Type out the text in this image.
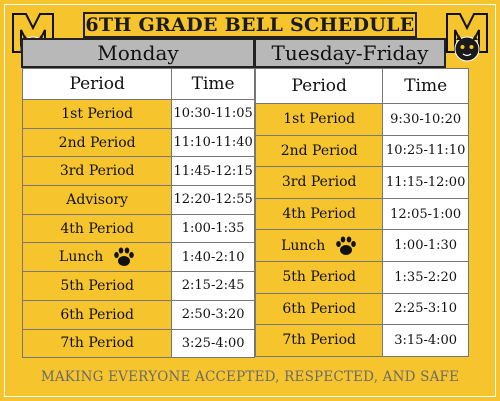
6TH GRADE BELL SCHEDULE
Monday	Tuesday-Friday
Period	Time
1st Period	10:30-11:05
2nd Period	11:10-11:40
3rd Period	11:45-12:15
Advisory	12:20-12:55
4th Period	1:00-1:35
Lunch	1:40-2:10
5th Period	2:15-2:45
6th Period	2:50-3:20
7th Period	3:25-4:00
Period	Time
1st Period	9:30-10:20
2nd Period	10:25-11:10
3rd Period	11:15-12:00
4th Period	12:05-1:00
Lunch	1:00-1:30
5th Period	1:35-2:20
6th Period	2:25-3:10
7th Period	3:15-4:00
MAKING EVERYONE ACCEPTED, RESPECTED, AND SAFE
